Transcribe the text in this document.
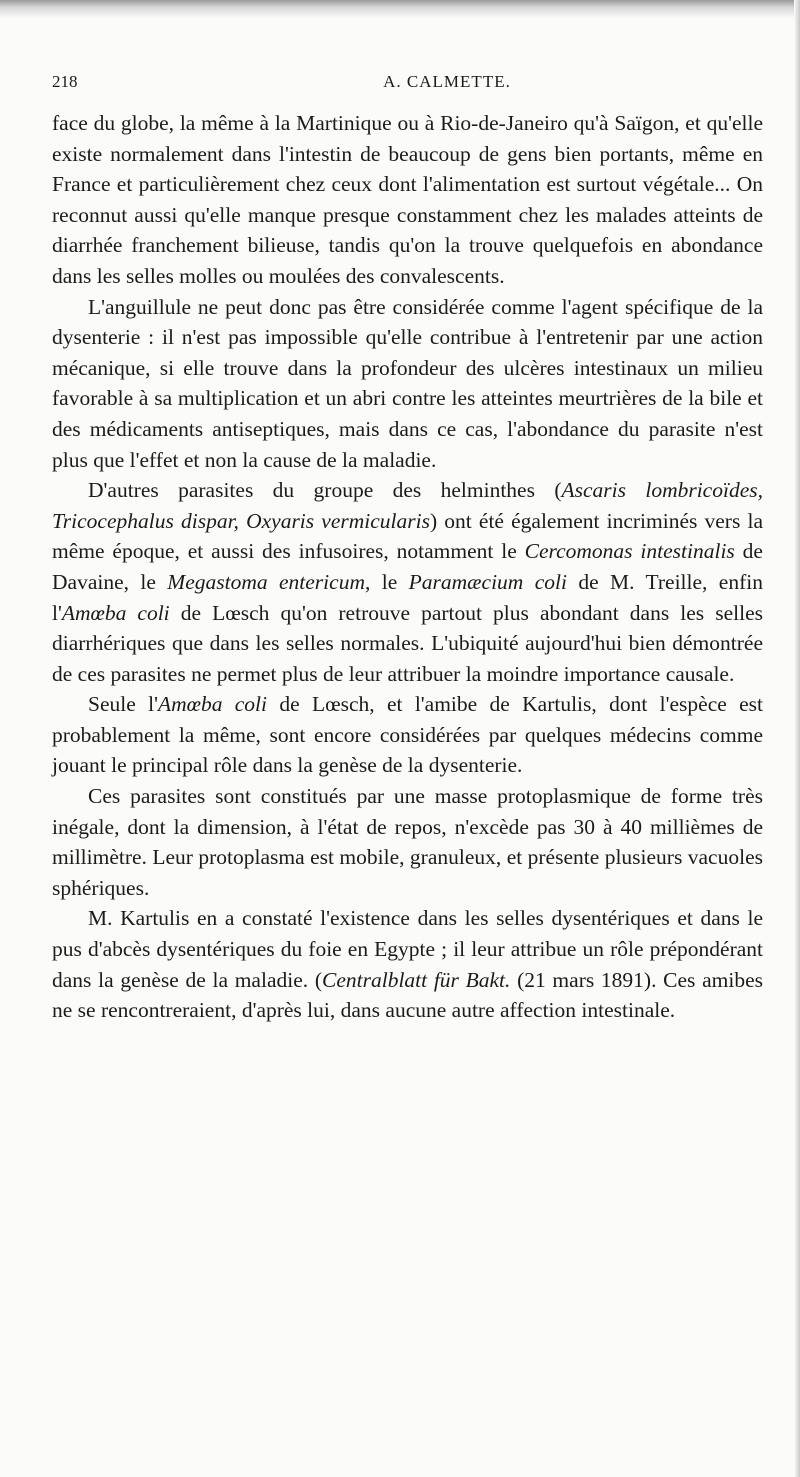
218	A. CALMETTE.

face du globe, la même à la Martinique ou à Rio-de-Janeiro qu'à Saïgon, et qu'elle existe normalement dans l'intestin de beaucoup de gens bien portants, même en France et particulièrement chez ceux dont l'alimentation est surtout végétale... On reconnut aussi qu'elle manque presque constamment chez les malades atteints de diarrhée franchement bilieuse, tandis qu'on la trouve quelquefois en abondance dans les selles molles ou moulées des convalescents.

L'anguillule ne peut donc pas être considérée comme l'agent spécifique de la dysenterie : il n'est pas impossible qu'elle contribue à l'entretenir par une action mécanique, si elle trouve dans la profondeur des ulcères intestinaux un milieu favorable à sa multiplication et un abri contre les atteintes meurtrières de la bile et des médicaments antiseptiques, mais dans ce cas, l'abondance du parasite n'est plus que l'effet et non la cause de la maladie.

D'autres parasites du groupe des helminthes (Ascaris lombricoïdes, Tricocephalus dispar, Oxyaris vermicularis) ont été également incriminés vers la même époque, et aussi des infusoires, notamment le Cercomonas intestinalis de Davaine, le Megastoma entericum, le Paramæcium coli de M. Treille, enfin l'Amœba coli de Lœsch qu'on retrouve partout plus abondant dans les selles diarrhériques que dans les selles normales. L'ubiquité aujourd'hui bien démontrée de ces parasites ne permet plus de leur attribuer la moindre importance causale.

Seule l'Amœba coli de Lœsch, et l'amibe de Kartulis, dont l'espèce est probablement la même, sont encore considérées par quelques médecins comme jouant le principal rôle dans la genèse de la dysenterie.

Ces parasites sont constitués par une masse protoplasmique de forme très inégale, dont la dimension, à l'état de repos, n'excède pas 30 à 40 millièmes de millimètre. Leur protoplasma est mobile, granuleux, et présente plusieurs vacuoles sphériques.

M. Kartulis en a constaté l'existence dans les selles dysentériques et dans le pus d'abcès dysentériques du foie en Egypte ; il leur attribue un rôle prépondérant dans la genèse de la maladie. (Centralblatt für Bakt. (21 mars 1891). Ces amibes ne se rencontreraient, d'après lui, dans aucune autre affection intestinale.
